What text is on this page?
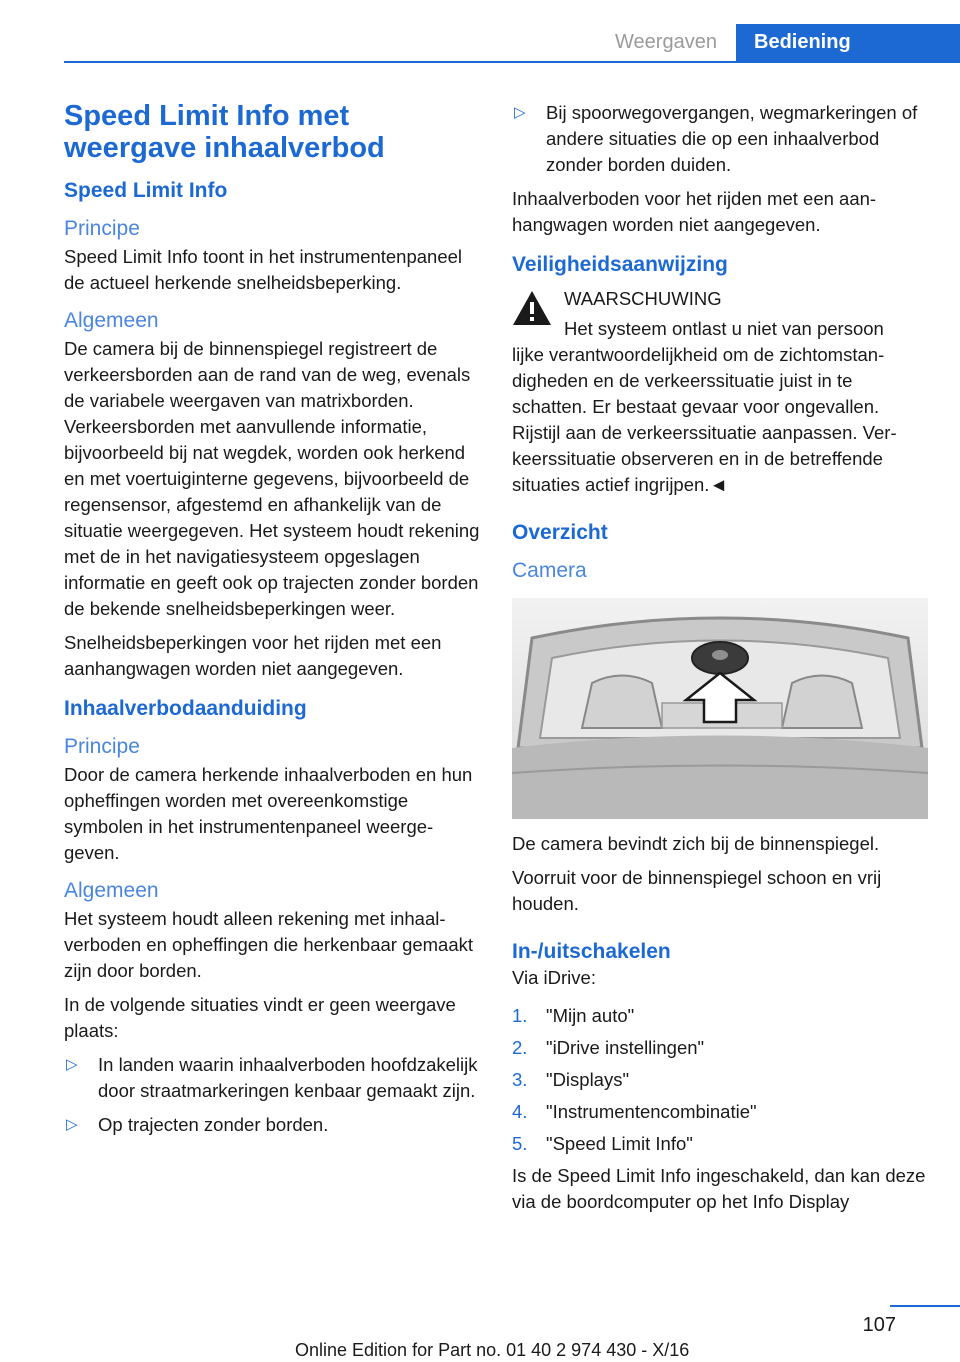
Weergaven	Bediening
Speed Limit Info met weergave inhaalverbod
Speed Limit Info
Principe

Speed Limit Info toont in het instrumentenpaneel de actueel herkende snelheidsbeperking.

Algemeen

De camera bij de binnenspiegel registreert de verkeersborden aan de rand van de weg, evenals de variabele weergaven van matrixborden. Verkeersborden met aanvullende informatie, bijvoorbeeld bij nat wegdek, worden ook herkend en met voertuiginterne gegevens, bijvoorbeeld de regensensor, afgestemd en afhankelijk van de situatie weergegeven. Het systeem houdt rekening met de in het navigatiesysteem opgeslagen informatie en geeft ook op trajecten zonder borden de bekende snelheidsbeperkingen weer.

Snelheidsbeperkingen voor het rijden met een aanhangwagen worden niet aangegeven.

Inhaalverbodaanduiding
Principe

Door de camera herkende inhaalverboden en hun opheffingen worden met overeenkomstige symbolen in het instrumentenpaneel weergegeven.

Algemeen

Het systeem houdt alleen rekening met inhaalverboden en opheffingen die herkenbaar gemaakt zijn door borden.

In de volgende situaties vindt er geen weergave plaats:

▷ In landen waarin inhaalverboden hoofdzakelijk door straatmarkeringen kenbaar gemaakt zijn.
▷ Op trajecten zonder borden.
▷ Bij spoorwegovergangen, wegmarkeringen of andere situaties die op een inhaalverbod zonder borden duiden.

Inhaalverboden voor het rijden met een aanhangwagen worden niet aangegeven.

Veiligheidsaanwijzing

WAARSCHUWING

Het systeem ontlast u niet van persoon

lijke verantwoordelijkheid om de zichtomstandigheden en de verkeerssituatie juist in te schatten. Er bestaat gevaar voor ongevallen. Rijstijl aan de verkeerssituatie aanpassen. Verkeerssituatie observeren en in de betreffende situaties actief ingrijpen.◄

Overzicht
Camera

De camera bevindt zich bij de binnenspiegel.

Voorruit voor de binnenspiegel schoon en vrij houden.

In-/uitschakelen

Via iDrive:

1. "Mijn auto"
2. "iDrive instellingen"
3. "Displays"
4. "Instrumentencombinatie"
5. "Speed Limit Info"

Is de Speed Limit Info ingeschakeld, dan kan deze via de boordcomputer op het Info Display

107
Online Edition for Part no. 01 40 2 974 430 - X/16
